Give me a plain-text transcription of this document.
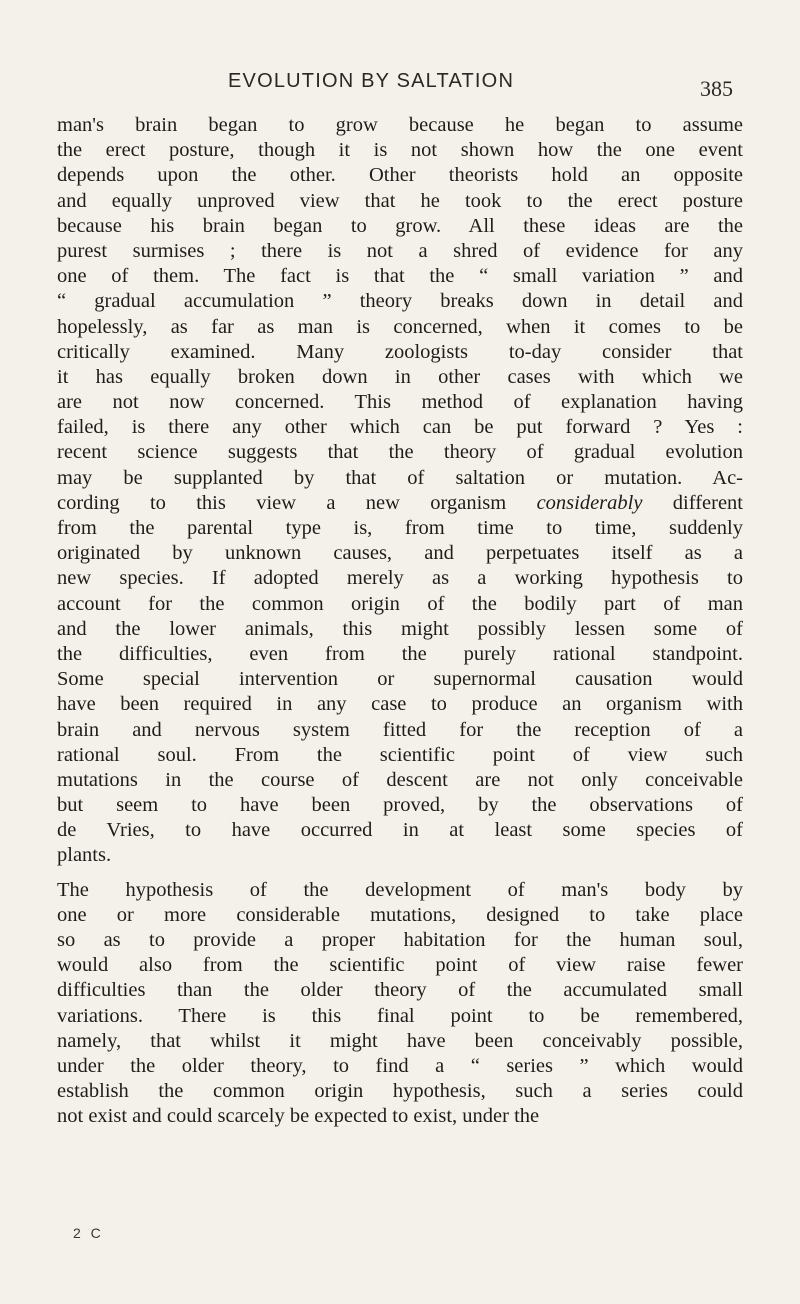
EVOLUTION BY SALTATION	385

man's brain began to grow because he began to assume
the erect posture, though it is not shown how the one event
depends upon the other. Other theorists hold an opposite
and equally unproved view that he took to the erect posture
because his brain began to grow. All these ideas are the
purest surmises ; there is not a shred of evidence for any
one of them. The fact is that the “ small variation ” and
“ gradual accumulation ” theory breaks down in detail and
hopelessly, as far as man is concerned, when it comes to be
critically examined. Many zoologists to-day consider that
it has equally broken down in other cases with which we
are not now concerned. This method of explanation having
failed, is there any other which can be put forward ? Yes :
recent science suggests that the theory of gradual evolution
may be supplanted by that of saltation or mutation. Ac-
cording to this view a new organism considerably different
from the parental type is, from time to time, suddenly
originated by unknown causes, and perpetuates itself as a
new species. If adopted merely as a working hypothesis to
account for the common origin of the bodily part of man
and the lower animals, this might possibly lessen some of
the difficulties, even from the purely rational standpoint.
Some special intervention or supernormal causation would
have been required in any case to produce an organism with
brain and nervous system fitted for the reception of a
rational soul. From the scientific point of view such
mutations in the course of descent are not only conceivable
but seem to have been proved, by the observations of
de Vries, to have occurred in at least some species of
plants.

The hypothesis of the development of man's body by
one or more considerable mutations, designed to take place
so as to provide a proper habitation for the human soul,
would also from the scientific point of view raise fewer
difficulties than the older theory of the accumulated small
variations. There is this final point to be remembered,
namely, that whilst it might have been conceivably possible,
under the older theory, to find a “ series ” which would
establish the common origin hypothesis, such a series could
not exist and could scarcely be expected to exist, under the

2 C
